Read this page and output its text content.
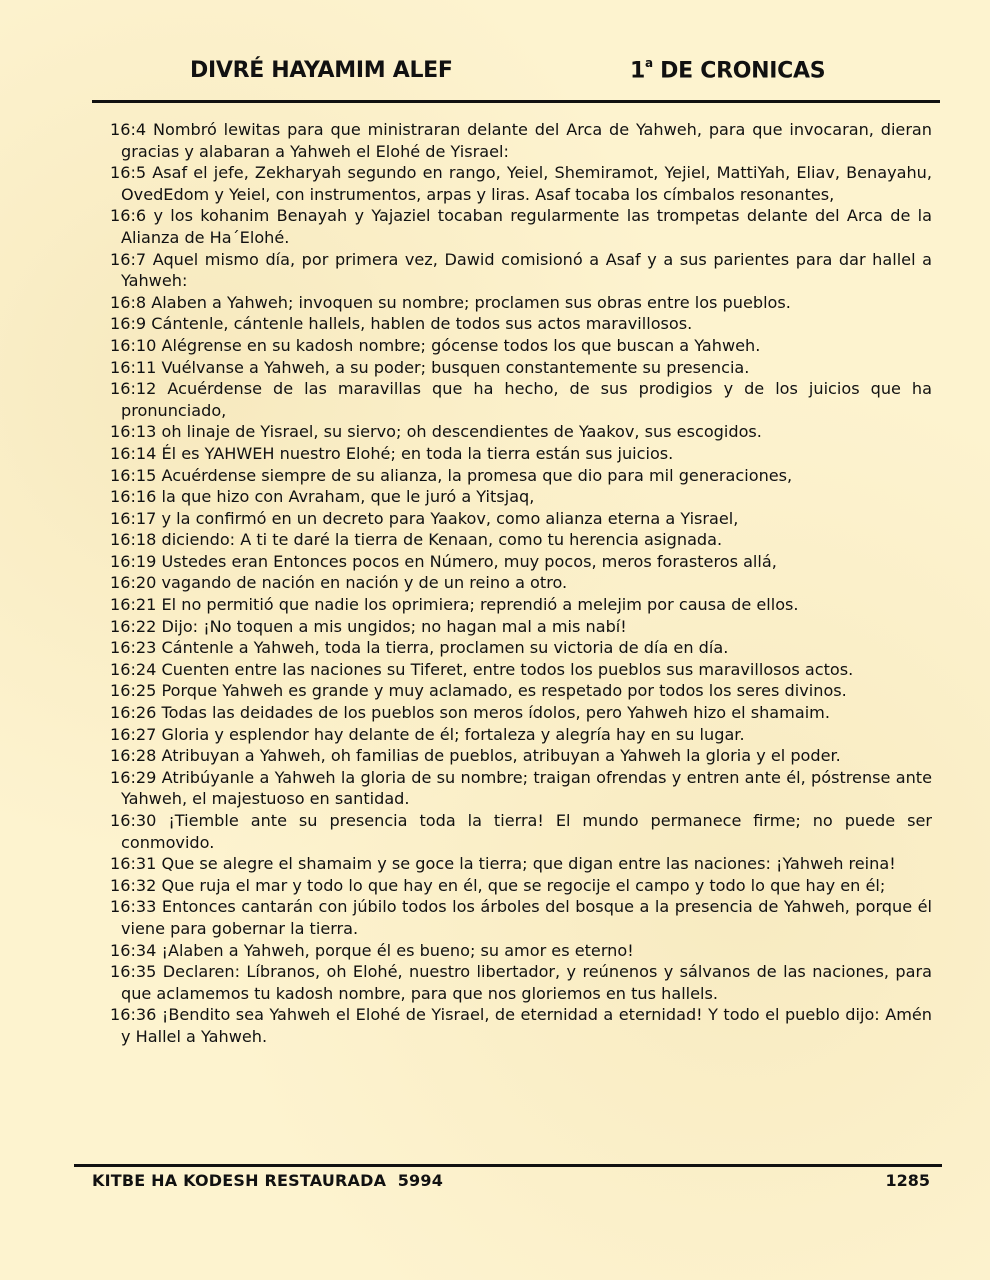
DIVRÉ HAYAMIM ALEF	1$^a$ DE CRONICAS

16:4 Nombró lewitas para que ministraran delante del Arca de Yahweh, para que invocaran, dieran gracias y alabaran a Yahweh el Elohé de Yisrael:

16:5 Asaf el jefe, Zekharyah segundo en rango, Yeiel, Shemiramot, Yejiel, MattiYah, Eliav, Benayahu, OvedEdom y Yeiel, con instrumentos, arpas y liras. Asaf tocaba los címbalos resonantes,

16:6 y los kohanim Benayah y Yajaziel tocaban regularmente las trompetas delante del Arca de la Alianza de Ha´Elohé.

16:7 Aquel mismo día, por primera vez, Dawid comisionó a Asaf y a sus parientes para dar hallel a Yahweh:

16:8 Alaben a Yahweh; invoquen su nombre; proclamen sus obras entre los pueblos.

16:9 Cántenle, cántenle hallels, hablen de todos sus actos maravillosos.

16:10 Alégrense en su kadosh nombre; gócense todos los que buscan a Yahweh.

16:11 Vuélvanse a Yahweh, a su poder; busquen constantemente su presencia.

16:12 Acuérdense de las maravillas que ha hecho, de sus prodigios y de los juicios que ha pronunciado,

16:13 oh linaje de Yisrael, su siervo; oh descendientes de Yaakov, sus escogidos.

16:14 Él es YAHWEH nuestro Elohé; en toda la tierra están sus juicios.

16:15 Acuérdense siempre de su alianza, la promesa que dio para mil generaciones,

16:16 la que hizo con Avraham, que le juró a Yitsjaq,

16:17 y la confirmó en un decreto para Yaakov, como alianza eterna a Yisrael,

16:18 diciendo: A ti te daré la tierra de Kenaan, como tu herencia asignada.

16:19 Ustedes eran Entonces pocos en Número, muy pocos, meros forasteros allá,

16:20 vagando de nación en nación y de un reino a otro.

16:21 El no permitió que nadie los oprimiera; reprendió a melejim por causa de ellos.

16:22 Dijo: ¡No toquen a mis ungidos; no hagan mal a mis nabí!

16:23 Cántenle a Yahweh, toda la tierra, proclamen su victoria de día en día.

16:24 Cuenten entre las naciones su Tiferet, entre todos los pueblos sus maravillosos actos.

16:25 Porque Yahweh es grande y muy aclamado, es respetado por todos los seres divinos.

16:26 Todas las deidades de los pueblos son meros ídolos, pero Yahweh hizo el shamaim.

16:27 Gloria y esplendor hay delante de él; fortaleza y alegría hay en su lugar.

16:28 Atribuyan a Yahweh, oh familias de pueblos, atribuyan a Yahweh la gloria y el poder.

16:29 Atribúyanle a Yahweh la gloria de su nombre; traigan ofrendas y entren ante él, póstrense ante Yahweh, el majestuoso en santidad.

16:30 ¡Tiemble ante su presencia toda la tierra! El mundo permanece firme; no puede ser conmovido.

16:31 Que se alegre el shamaim y se goce la tierra; que digan entre las naciones: ¡Yahweh reina!

16:32 Que ruja el mar y todo lo que hay en él, que se regocije el campo y todo lo que hay en él;

16:33 Entonces cantarán con júbilo todos los árboles del bosque a la presencia de Yahweh, porque él viene para gobernar la tierra.

16:34 ¡Alaben a Yahweh, porque él es bueno; su amor es eterno!

16:35 Declaren: Líbranos, oh Elohé, nuestro libertador, y reúnenos y sálvanos de las naciones, para que aclamemos tu kadosh nombre, para que nos gloriemos en tus hallels.

16:36 ¡Bendito sea Yahweh el Elohé de Yisrael, de eternidad a eternidad! Y todo el pueblo dijo: Amén y Hallel a Yahweh.

KITBE HA KODESH RESTAURADA  5994	1285
